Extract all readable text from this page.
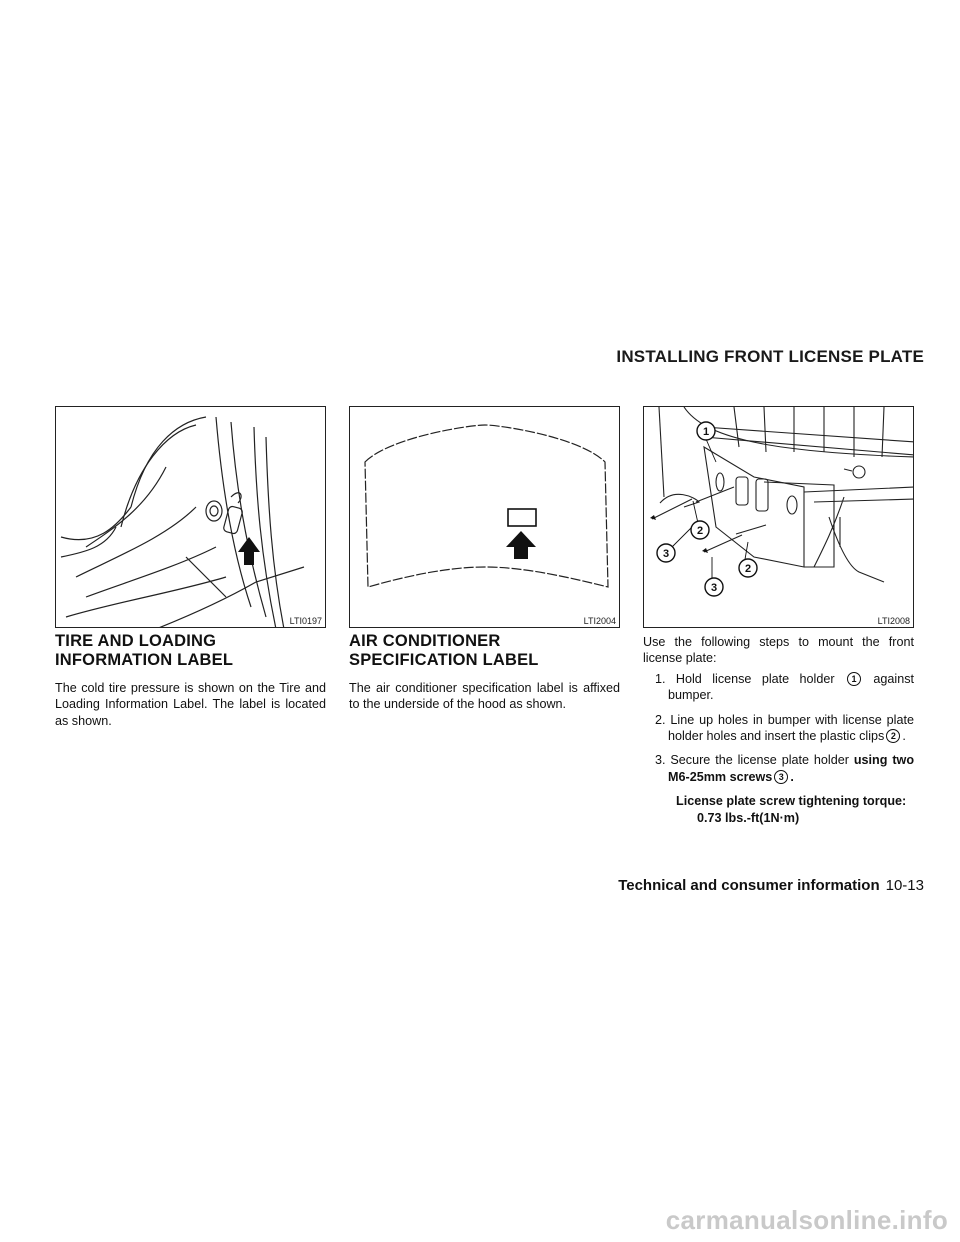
INSTALLING FRONT LICENSE PLATE
LTI0197	LTI2004
1
2
3
2
3
LTI2008
TIRE AND LOADING INFORMATION LABEL

The cold tire pressure is shown on the Tire and Loading Information Label. The label is located as shown.

AIR CONDITIONER SPECIFICATION LABEL

The air conditioner specification label is affixed to the underside of the hood as shown.

Use the following steps to mount the front license plate:

1. Hold license plate holder 1 against bumper.

2. Line up holes in bumper with license plate holder holes and insert the plastic clips 2 .

3. Secure the license plate holder using two M6-25mm screws 3 .

License plate screw tightening torque:

0.73 lbs.-ft(1N·m)

Technical and consumer information 10-13
carmanualsonline.info
